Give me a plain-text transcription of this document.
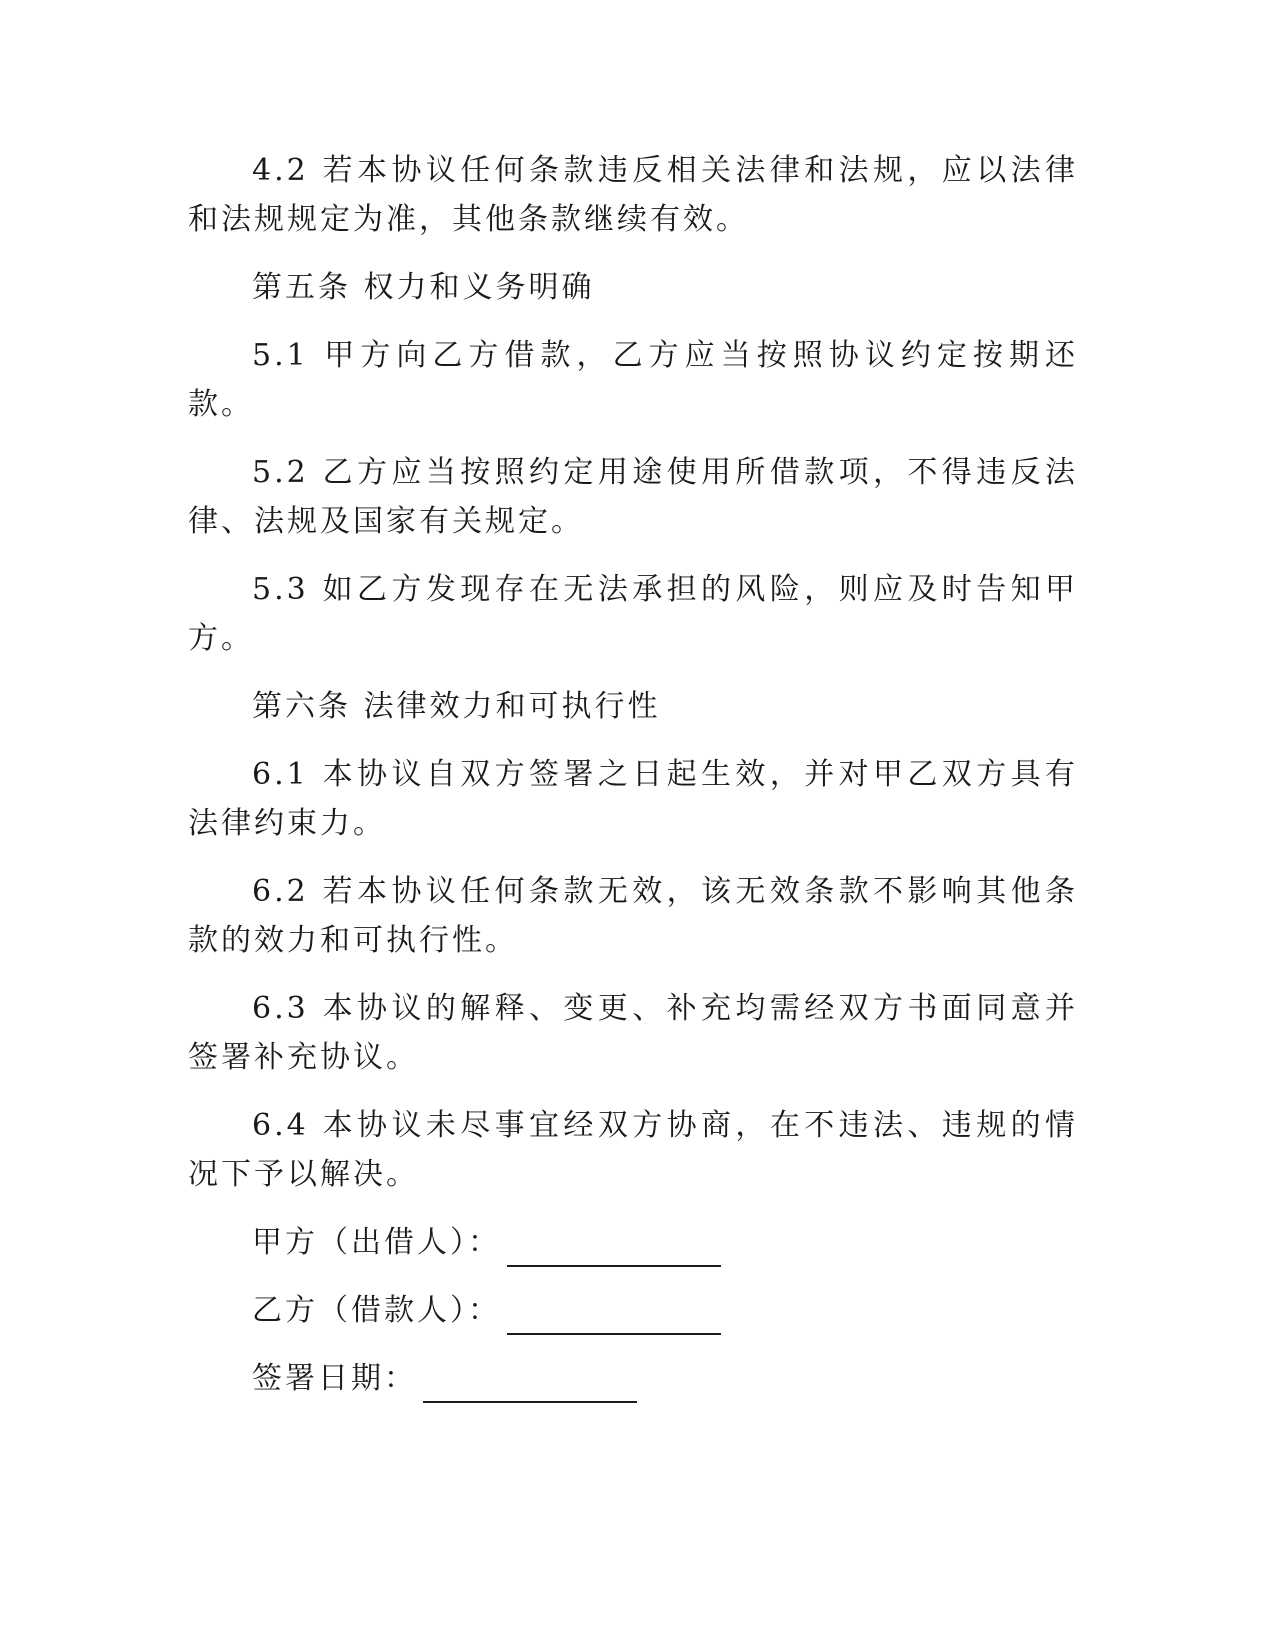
4.2 若本协议任何条款违反相关法律和法规，应以法律和法规规定为准，其他条款继续有效。

第五条 权力和义务明确

5.1 甲方向乙方借款，乙方应当按照协议约定按期还款。

5.2 乙方应当按照约定用途使用所借款项，不得违反法律、法规及国家有关规定。

5.3 如乙方发现存在无法承担的风险，则应及时告知甲方。

第六条 法律效力和可执行性

6.1 本协议自双方签署之日起生效，并对甲乙双方具有法律约束力。

6.2 若本协议任何条款无效，该无效条款不影响其他条款的效力和可执行性。

6.3 本协议的解释、变更、补充均需经双方书面同意并签署补充协议。

6.4 本协议未尽事宜经双方协商，在不违法、违规的情况下予以解决。

甲方（出借人）：
乙方（借款人）：
签署日期：
